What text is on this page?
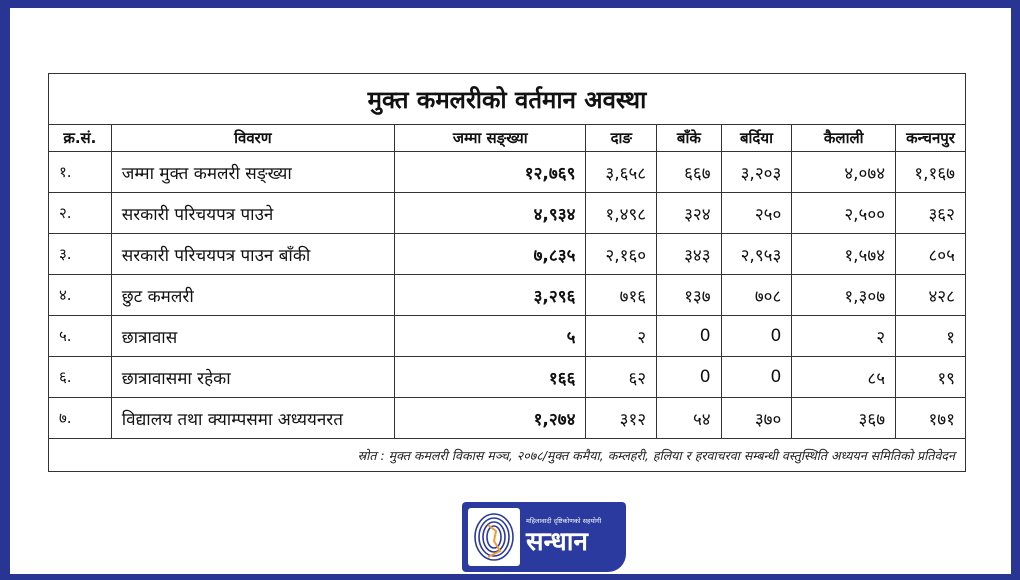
मुक्त कमलरीको वर्तमान अवस्था							
क्र.सं.	विवरण	जम्मा सङ्ख्या	दाङ	बाँके	बर्दिया	कैलाली	कन्चनपुर
१.	जम्मा मुक्त कमलरी सङ्ख्या	१२,७६९	३,६५८	६६७	३,२०३	४,०७४	१,१६७
२.	सरकारी परिचयपत्र पाउने	४,९३४	१,४९८	३२४	२५०	२,५००	३६२
३.	सरकारी परिचयपत्र पाउन बाँकी	७,८३५	२,१६०	३४३	२,९५३	१,५७४	८०५
४.	छुट कमलरी	३,२९६	७१६	१३७	७०८	१,३०७	४२८
५.	छात्रावास	५	२	0	0	२	१
६.	छात्रावासमा रहेका	१६६	६२	0	0	८५	१९
७.	विद्यालय तथा क्याम्पसमा अध्ययनरत	१,२७४	३१२	५४	३७०	३६७	१७१
स्रोत : मुक्त कमलरी विकास मञ्च, २०७८/मुक्त कमैया, कम्लहरी, हलिया र हरवाचरवा सम्बन्धी वस्तुस्थिति अध्ययन समितिको प्रतिवेदन							
महिलावादी दृष्टिकोणको सहयोगी
सन्धान
